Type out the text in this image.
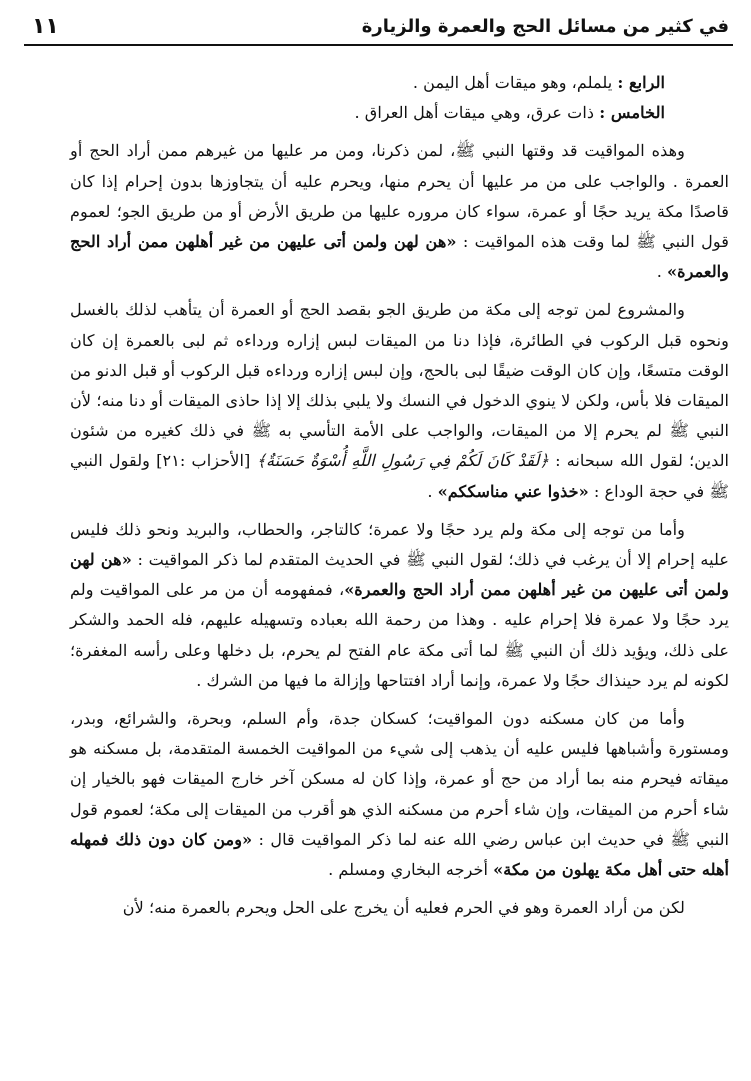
في كثير من مسائل الحج والعمرة والزيارة
١١

الرابع : يلملم، وهو ميقات أهل اليمن .

الخامس : ذات عرق، وهي ميقات أهل العراق .

وهذه المواقيت قد وقتها النبي ﷺ، لمن ذكرنا، ومن مر عليها من غيرهم ممن أراد الحج أو العمرة . والواجب على من مر عليها أن يحرم منها، ويحرم عليه أن يتجاوزها بدون إحرام إذا كان قاصدًا مكة يريد حجًا أو عمرة، سواء كان مروره عليها من طريق الأرض أو من طريق الجو؛ لعموم قول النبي ﷺ لما وقت هذه المواقيت : «هن لهن ولمن أتى عليهن من غير أهلهن ممن أراد الحج والعمرة» .

والمشروع لمن توجه إلى مكة من طريق الجو بقصد الحج أو العمرة أن يتأهب لذلك بالغسل ونحوه قبل الركوب في الطائرة، فإذا دنا من الميقات لبس إزاره ورداءه ثم لبى بالعمرة إن كان الوقت متسعًا، وإن كان الوقت ضيقًا لبى بالحج، وإن لبس إزاره ورداءه قبل الركوب أو قبل الدنو من الميقات فلا بأس، ولكن لا ينوي الدخول في النسك ولا يلبي بذلك إلا إذا حاذى الميقات أو دنا منه؛ لأن النبي ﷺ لم يحرم إلا من الميقات، والواجب على الأمة التأسي به ﷺ في ذلك كغيره من شئون الدين؛ لقول الله سبحانه : ﴿لَقَدْ كَانَ لَكُمْ فِي رَسُولِ اللَّهِ أُسْوَةٌ حَسَنَةٌ﴾ [الأحزاب :٢١] ولقول النبي ﷺ في حجة الوداع : «خذوا عني مناسككم» .

وأما من توجه إلى مكة ولم يرد حجًا ولا عمرة؛ كالتاجر، والحطاب، والبريد ونحو ذلك فليس عليه إحرام إلا أن يرغب في ذلك؛ لقول النبي ﷺ في الحديث المتقدم لما ذكر المواقيت : «هن لهن ولمن أتى عليهن من غير أهلهن ممن أراد الحج والعمرة»، فمفهومه أن من مر على المواقيت ولم يرد حجًا ولا عمرة فلا إحرام عليه . وهذا من رحمة الله بعباده وتسهيله عليهم، فله الحمد والشكر على ذلك، ويؤيد ذلك أن النبي ﷺ لما أتى مكة عام الفتح لم يحرم، بل دخلها وعلى رأسه المغفرة؛ لكونه لم يرد حينذاك حجًا ولا عمرة، وإنما أراد افتتاحها وإزالة ما فيها من الشرك .

وأما من كان مسكنه دون المواقيت؛ كسكان جدة، وأم السلم، وبحرة، والشرائع، وبدر، ومستورة وأشباهها فليس عليه أن يذهب إلى شيء من المواقيت الخمسة المتقدمة، بل مسكنه هو ميقاته فيحرم منه بما أراد من حج أو عمرة، وإذا كان له مسكن آخر خارج الميقات فهو بالخيار إن شاء أحرم من الميقات، وإن شاء أحرم من مسكنه الذي هو أقرب من الميقات إلى مكة؛ لعموم قول النبي ﷺ في حديث ابن عباس رضي الله عنه لما ذكر المواقيت قال : «ومن كان دون ذلك فمهله أهله حتى أهل مكة يهلون من مكة» أخرجه البخاري ومسلم .

لكن من أراد العمرة وهو في الحرم فعليه أن يخرج على الحل ويحرم بالعمرة منه؛ لأن
